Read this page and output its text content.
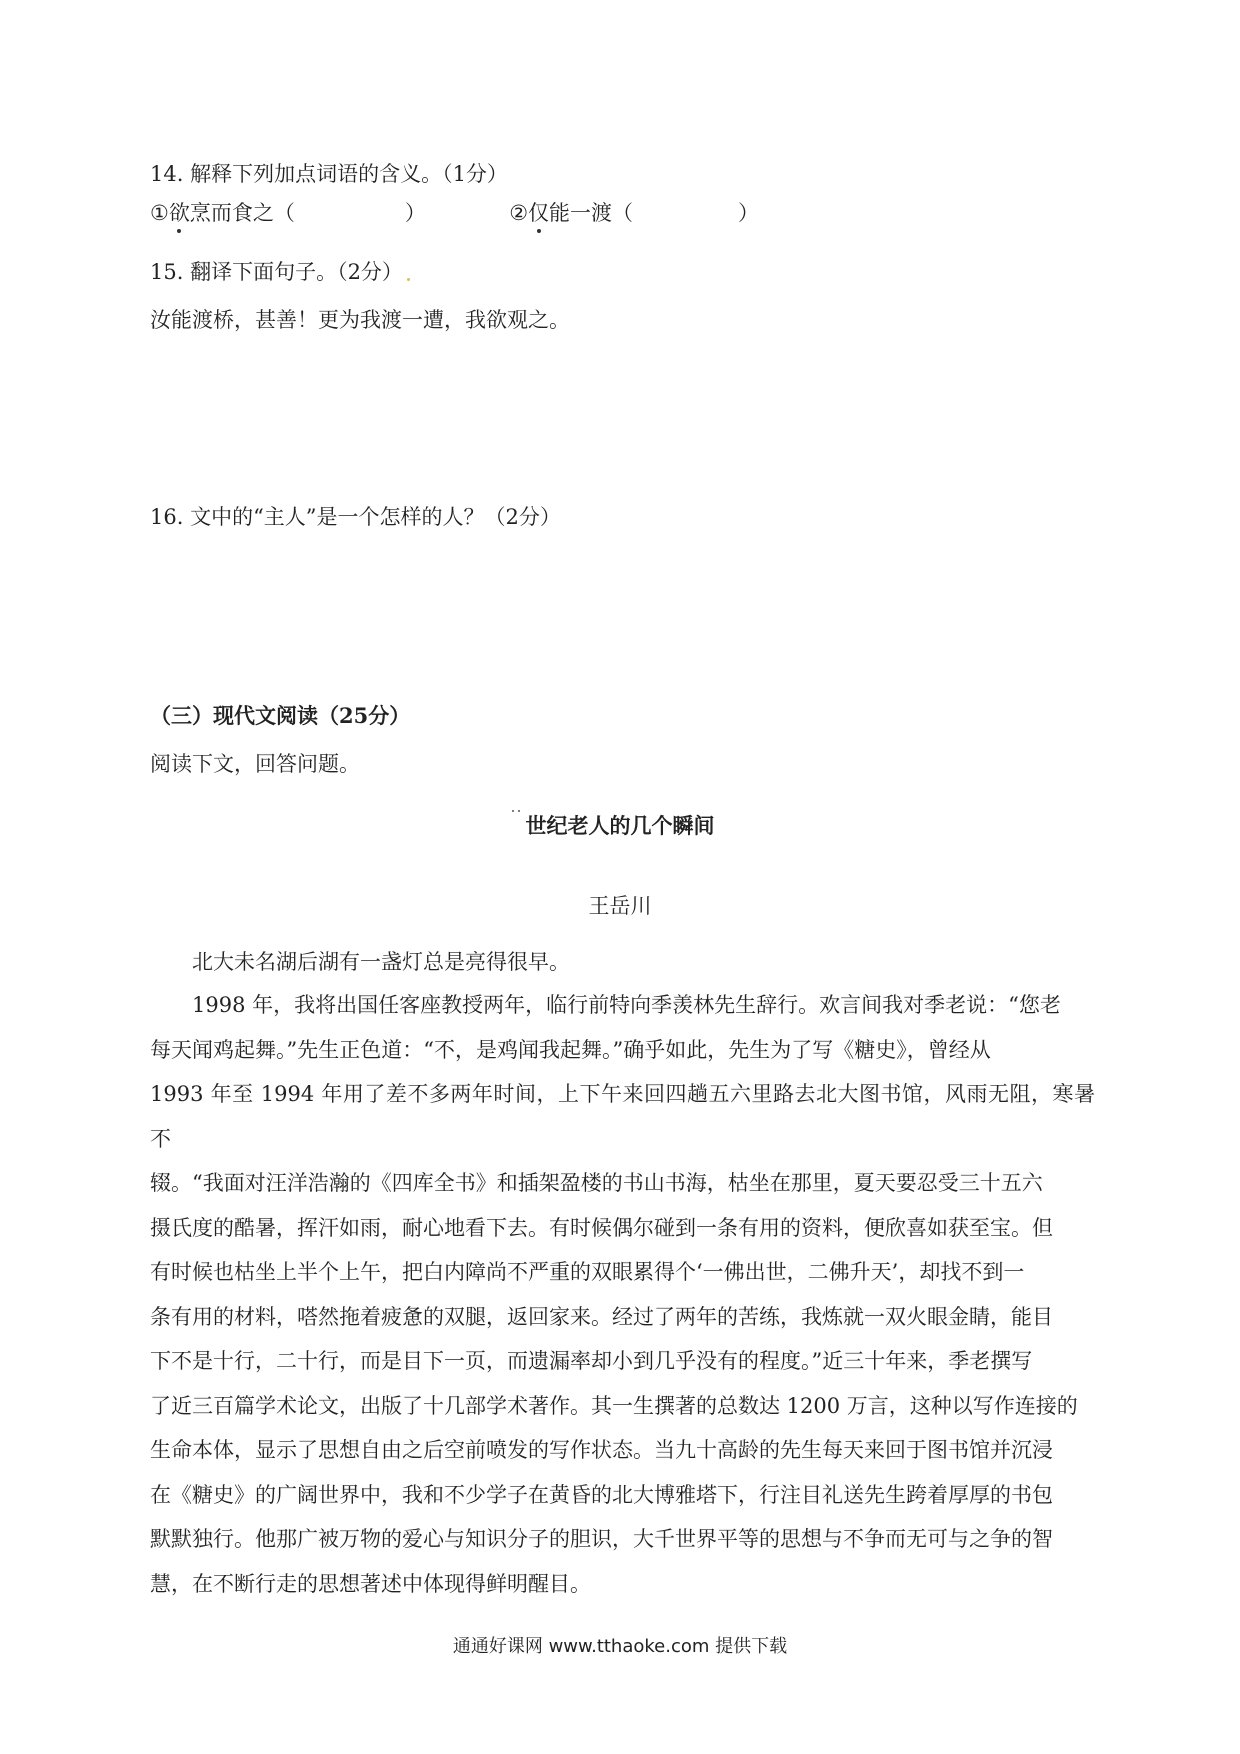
14. 解释下列加点词语的含义。（1分）
①欲烹而食之（	）	②仅能一渡（	）
15. 翻译下面句子。（2分）
汝能渡桥，甚善！更为我渡一遭，我欲观之。
16. 文中的“主人”是一个怎样的人？（2分）
（三）现代文阅读（25分）
阅读下文，回答问题。
世纪老人的几个瞬间
王岳川
北大未名湖后湖有一盏灯总是亮得很早。
1998 年，我将出国任客座教授两年，临行前特向季羡林先生辞行。欢言间我对季老说：“您老
每天闻鸡起舞。”先生正色道：“不，是鸡闻我起舞。”确乎如此，先生为了写《糖史》，曾经从
1993 年至 1994 年用了差不多两年时间，上下午来回四趟五六里路去北大图书馆，风雨无阻，寒暑不
辍。“我面对汪洋浩瀚的《四库全书》和插架盈楼的书山书海，枯坐在那里，夏天要忍受三十五六
摄氏度的酷暑，挥汗如雨，耐心地看下去。有时候偶尔碰到一条有用的资料，便欣喜如获至宝。但
有时候也枯坐上半个上午，把白内障尚不严重的双眼累得个‘一佛出世，二佛升天’，却找不到一
条有用的材料，嗒然拖着疲惫的双腿，返回家来。经过了两年的苦练，我炼就一双火眼金睛，能目
下不是十行，二十行，而是目下一页，而遗漏率却小到几乎没有的程度。”近三十年来，季老撰写
了近三百篇学术论文，出版了十几部学术著作。其一生撰著的总数达 1200 万言，这种以写作连接的
生命本体，显示了思想自由之后空前喷发的写作状态。当九十高龄的先生每天来回于图书馆并沉浸
在《糖史》的广阔世界中，我和不少学子在黄昏的北大博雅塔下，行注目礼送先生跨着厚厚的书包
默默独行。他那广被万物的爱心与知识分子的胆识，大千世界平等的思想与不争而无可与之争的智
慧，在不断行走的思想著述中体现得鲜明醒目。
通通好课网 www.tthaoke.com 提供下载
